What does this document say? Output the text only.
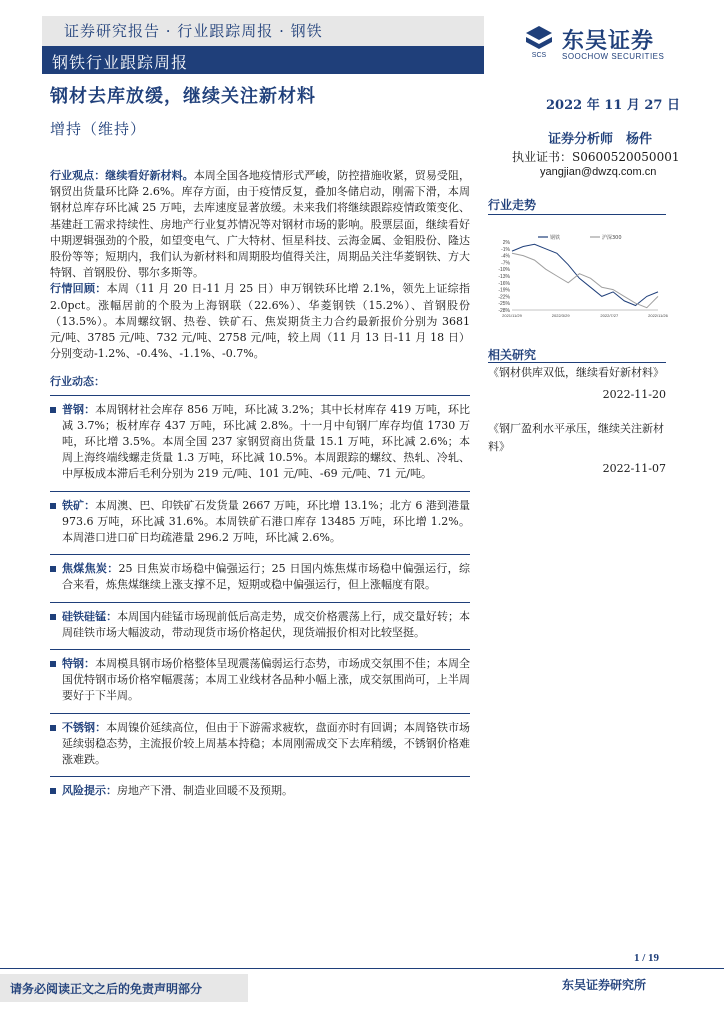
证券研究报告 · 行业跟踪周报 · 钢铁
钢铁行业跟踪周报	SCS
东吴证券
SOOCHOW SECURITIES
钢材去库放缓，继续关注新材料	2022 年 11 月 27 日
增持（维持）
证券分析师　杨件
执业证书：S0600520050001
yangjian@dwzq.com.cn

行业观点：继续看好新材料。本周全国各地疫情形式严峻，防控措施收紧，贸易受阻，钢贸出货量环比降 2.6%。库存方面，由于疫情反复，叠加冬储启动，刚需下滑，本周钢材总库存环比减 25 万吨，去库速度显著放缓。未来我们将继续跟踪疫情政策变化、基建赶工需求持续性、房地产行业复苏情况等对钢材市场的影响。股票层面，继续看好中期逻辑强劲的个股，如望变电气、广大特材、恒星科技、云海金属、金钼股份、隆达股份等等；短期内，我们认为新材料和周期股均值得关注，周期品关注华菱钢铁、方大特钢、首钢股份、鄂尔多斯等。

行情回顾：本周（11 月 20 日-11 月 25 日）申万钢铁环比增 2.1%，领先上证综指 2.0pct。涨幅居前的个股为上海钢联（22.6%）、华菱钢铁（15.2%）、首钢股份（13.5%）。本周螺纹钢、热卷、铁矿石、焦炭期货主力合约最新报价分别为 3681 元/吨、3785 元/吨、732 元/吨、2758 元/吨，较上周（11 月 13 日-11 月 18 日）分别变动-1.2%、-0.4%、-1.1%、-0.7%。

行业动态：

普钢：本周钢材社会库存 856 万吨，环比减 3.2%；其中长材库存 419 万吨，环比减 3.7%；板材库存 437 万吨，环比减 2.8%。十一月中旬钢厂库存均值 1730 万吨，环比增 3.5%。本周全国 237 家钢贸商出货量 15.1 万吨，环比减 2.6%；本周上海终端线螺走货量 1.3 万吨，环比减 10.5%。本周跟踪的螺纹、热轧、冷轧、中厚板成本滞后毛利分别为 219 元/吨、101 元/吨、-69 元/吨、71 元/吨。

铁矿：本周澳、巴、印铁矿石发货量 2667 万吨，环比增 13.1%；北方 6 港到港量 973.6 万吨，环比减 31.6%。本周铁矿石港口库存 13485 万吨，环比增 1.2%。本周港口进口矿日均疏港量 296.2 万吨，环比减 2.6%。

焦煤焦炭：25 日焦炭市场稳中偏强运行；25 日国内炼焦煤市场稳中偏强运行，综合来看，炼焦煤继续上涨支撑不足，短期或稳中偏强运行，但上涨幅度有限。

硅铁硅锰：本周国内硅锰市场现前低后高走势，成交价格震荡上行，成交量好转；本周硅铁市场大幅波动，带动现货市场价格起伏，现货端报价相对比较坚挺。

特钢：本周模具钢市场价格整体呈现震荡偏弱运行态势，市场成交氛围不佳；本周全国优特钢市场价格窄幅震荡；本周工业线材各品种小幅上涨，成交氛围尚可，上半周要好于下半周。

不锈钢：本周镍价延续高位，但由于下游需求疲软，盘面亦时有回调；本周铬铁市场延续弱稳态势，主流报价较上周基本持稳；本周刚需成交下去库稍缓，不锈钢价格难涨难跌。

风险提示：房地产下滑、制造业回暖不及预期。

行业走势
2%
-1%
-4%
-7%
-10%
-13%
-16%
-19%
-22%
-25%
-28%
2021/11/29	2022/3/29	2022/7/27	2022/11/26
钢铁	沪深300
相关研究
《钢材供库双低，继续看好新材料》
2022-11-20
《钢厂盈利水平承压，继续关注新材料》
2022-11-07
1 / 19
请务必阅读正文之后的免责声明部分	东吴证券研究所
